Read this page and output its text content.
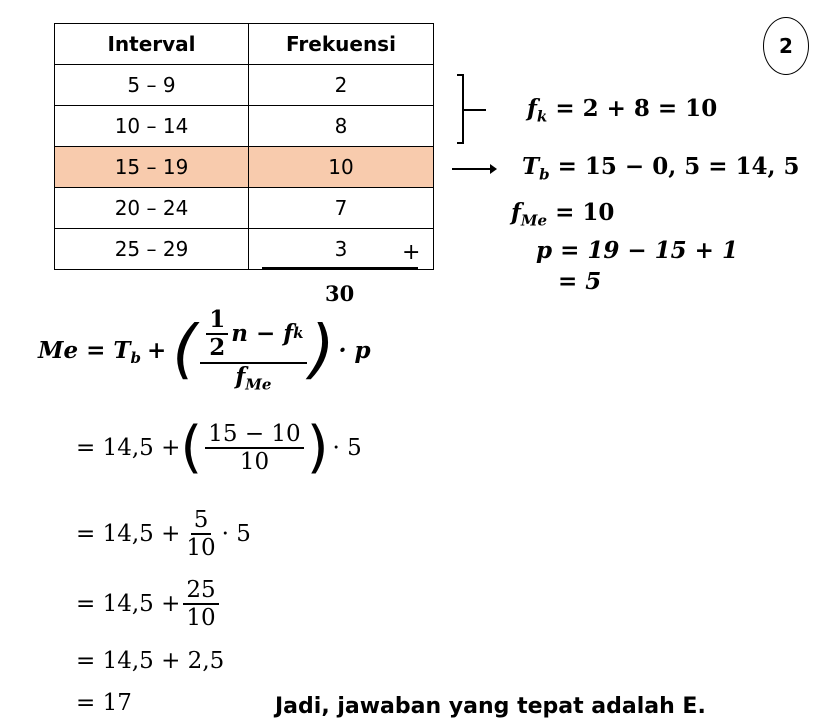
Interval	Frekuensi
5 – 9	2
10 – 14	8
15 – 19	10
20 – 24	7
25 – 29	3 +
30
2
$f_k = 2 + 8 = 10$
$T_b = 15 - 0$, 5 = 14, 5
$f_{Me} = 10$
p = 19 − 15 + 1
= 5
$Me = T_b$ + ( $\frac{\frac{1}{2} n - f k}{f_{Me}}$ ) · p
= 14,5 + ( $\frac{15 - 10}{10}$ ) · 5
= $14,5 + \frac{5}{10} \cdot 5$
= $14,5 + \frac{25}{10}$
= 14,5 + 2,5
= 17	Jadi, jawaban yang tepat adalah E.
